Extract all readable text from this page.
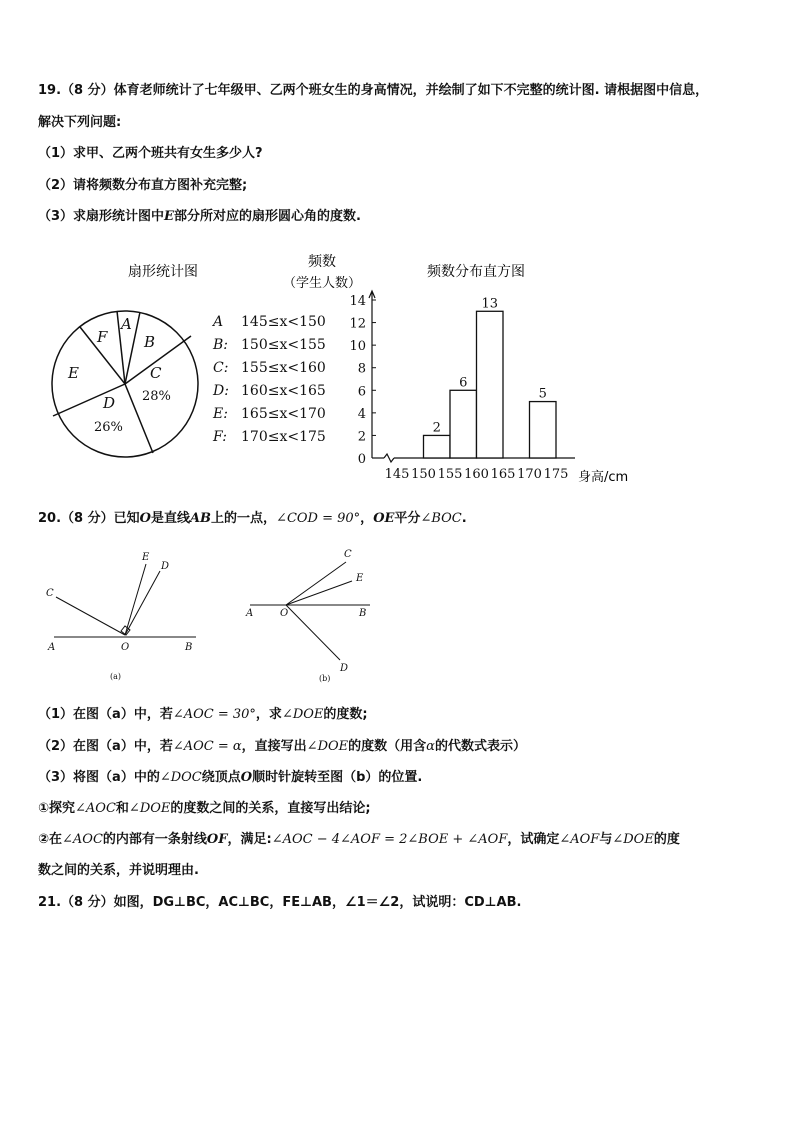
19.（8 分）体育老师统计了七年级甲、乙两个班女生的身高情况，并绘制了如下不完整的统计图. 请根据图中信息，
解决下列问题:
（1）求甲、乙两个班共有女生多少人?
（2）请将频数分布直方图补充完整;
（3）求扇形统计图中E部分所对应的扇形圆心角的度数.
扇形统计图
A
B
C
D
E
F
28%
26%
A 145≤x<150
B: 150≤x<155
C: 155≤x<160
D: 160≤x<165
E: 165≤x<170
F: 170≤x<175
频数
（学生人数）
频数分布直方图
0
2
4
6
8
10
12
14
2
6
13
5
145 150 155 160 165 170 175 身高/cm
20.（8 分）已知O是直线AB上的一点，∠COD = 90°，OE平分∠BOC.
C
E
D
A	O	B
(a)
C
E
A	O	B
D
(b)
（1）在图（a）中，若∠AOC = 30°，求∠DOE的度数;
（2）在图（a）中，若∠AOC = α，直接写出∠DOE的度数（用含α的代数式表示）
（3）将图（a）中的∠DOC绕顶点O顺时针旋转至图（b）的位置.
①探究∠AOC和∠DOE的度数之间的关系，直接写出结论;
②在∠AOC的内部有一条射线OF，满足:∠AOC − 4∠AOF = 2∠BOE + ∠AOF，试确定∠AOF与∠DOE的度
数之间的关系，并说明理由.
21.（8 分）如图，DG⊥BC，AC⊥BC，FE⊥AB，∠1＝∠2，试说明：CD⊥AB.
